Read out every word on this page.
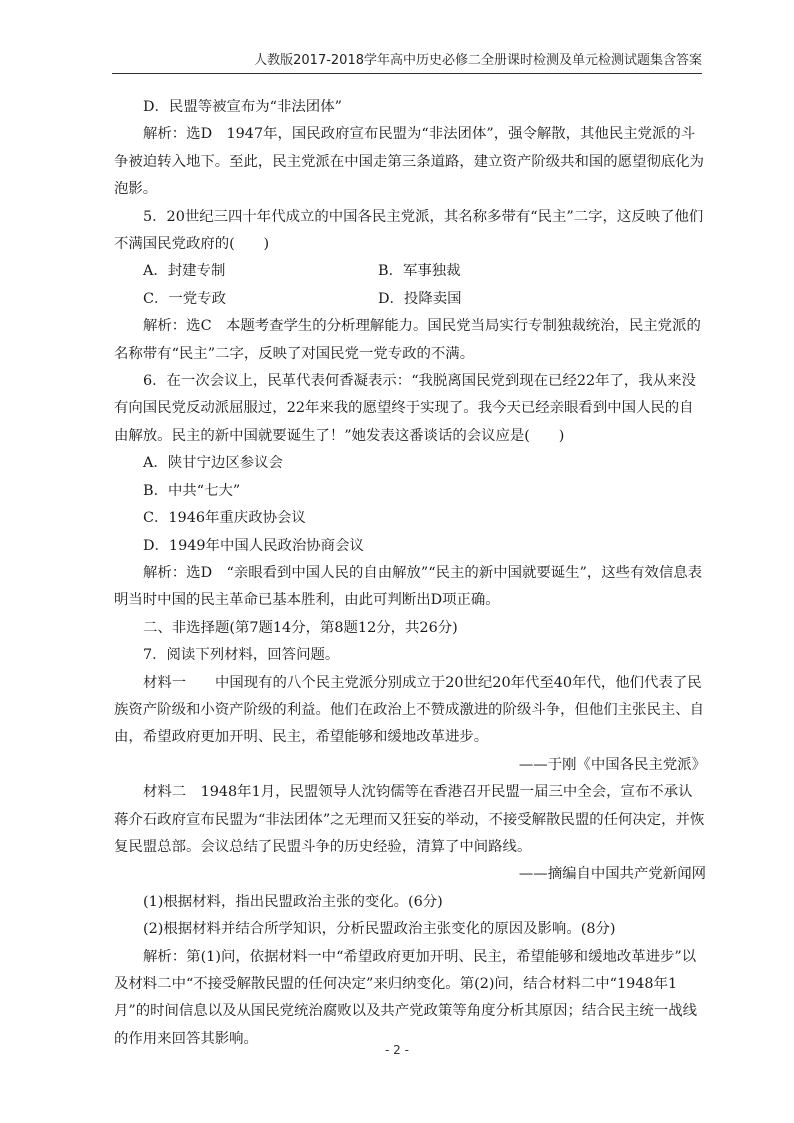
人教版2017-2018学年高中历史必修二全册课时检测及单元检测试题集含答案

D．民盟等被宣布为“非法团体”

解析：选D　1947年，国民政府宣布民盟为“非法团体”，强令解散，其他民主党派的斗争被迫转入地下。至此，民主党派在中国走第三条道路，建立资产阶级共和国的愿望彻底化为泡影。

5．20世纪三四十年代成立的中国各民主党派，其名称多带有“民主”二字，这反映了他们不满国民党政府的(　　)

A．封建专制	B．军事独裁
C．一党专政	D．投降卖国

解析：选C　本题考查学生的分析理解能力。国民党当局实行专制独裁统治，民主党派的名称带有“民主”二字，反映了对国民党一党专政的不满。

6．在一次会议上，民革代表何香凝表示：“我脱离国民党到现在已经22年了，我从来没有向国民党反动派屈服过，22年来我的愿望终于实现了。我今天已经亲眼看到中国人民的自由解放。民主的新中国就要诞生了！”她发表这番谈话的会议应是(　　)

A．陕甘宁边区参议会

B．中共“七大”

C．1946年重庆政协会议

D．1949年中国人民政治协商会议

解析：选D　“亲眼看到中国人民的自由解放”“民主的新中国就要诞生”，这些有效信息表明当时中国的民主革命已基本胜利，由此可判断出D项正确。

二、非选择题(第7题14分，第8题12分，共26分)

7．阅读下列材料，回答问题。

材料一　　中国现有的八个民主党派分别成立于20世纪20年代至40年代，他们代表了民族资产阶级和小资产阶级的利益。他们在政治上不赞成激进的阶级斗争，但他们主张民主、自由，希望政府更加开明、民主，希望能够和缓地改革进步。

——于刚《中国各民主党派》

材料二　1948年1月，民盟领导人沈钧儒等在香港召开民盟一届三中全会，宣布不承认蒋介石政府宣布民盟为“非法团体”之无理而又狂妄的举动，不接受解散民盟的任何决定，并恢复民盟总部。会议总结了民盟斗争的历史经验，清算了中间路线。

——摘编自中国共产党新闻网

(1)根据材料，指出民盟政治主张的变化。(6分)

(2)根据材料并结合所学知识，分析民盟政治主张变化的原因及影响。(8分)

解析：第(1)问，依据材料一中“希望政府更加开明、民主，希望能够和缓地改革进步”以及材料二中“不接受解散民盟的任何决定”来归纳变化。第(2)问，结合材料二中“1948年1月”的时间信息以及从国民党统治腐败以及共产党政策等角度分析其原因；结合民主统一战线的作用来回答其影响。

- 2 -
